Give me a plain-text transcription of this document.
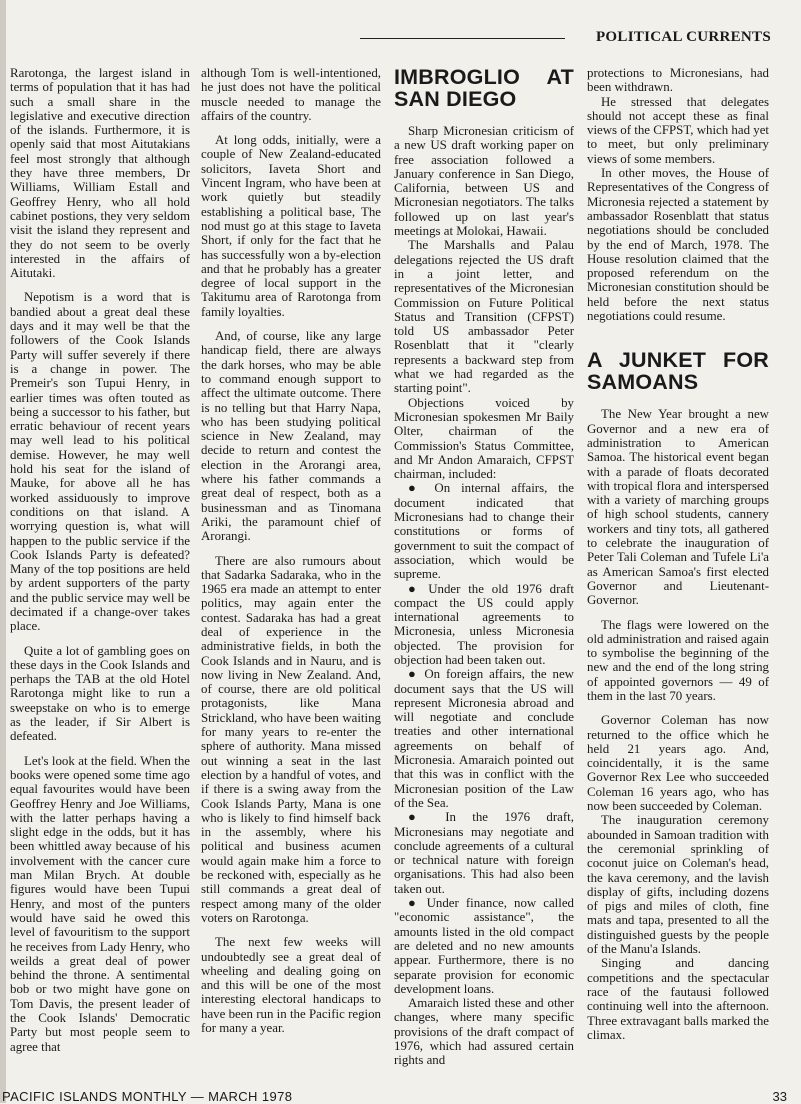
POLITICAL CURRENTS

Rarotonga, the largest island in terms of population that it has had such a small share in the legislative and executive direction of the islands. Furthermore, it is openly said that most Aitutakians feel most strongly that although they have three members, Dr Williams, William Estall and Geoffrey Henry, who all hold cabinet postions, they very seldom visit the island they represent and they do not seem to be overly interested in the affairs of Aitutaki.

Nepotism is a word that is bandied about a great deal these days and it may well be that the followers of the Cook Islands Party will suffer severely if there is a change in power. The Premeir's son Tupui Henry, in earlier times was often touted as being a successor to his father, but erratic behaviour of recent years may well lead to his political demise. However, he may well hold his seat for the island of Mauke, for above all he has worked assiduously to improve conditions on that island. A worrying question is, what will happen to the public service if the Cook Islands Party is defeated? Many of the top positions are held by ardent supporters of the party and the public service may well be decimated if a change-over takes place.

Quite a lot of gambling goes on these days in the Cook Islands and perhaps the TAB at the old Hotel Rarotonga might like to run a sweepstake on who is to emerge as the leader, if Sir Albert is defeated.

Let's look at the field. When the books were opened some time ago equal favourites would have been Geoffrey Henry and Joe Williams, with the latter perhaps having a slight edge in the odds, but it has been whittled away because of his involvement with the cancer cure man Milan Brych. At double figures would have been Tupui Henry, and most of the punters would have said he owed this level of favouritism to the support he receives from Lady Henry, who weilds a great deal of power behind the throne. A sentimental bob or two might have gone on Tom Davis, the present leader of the Cook Islands' Democratic Party but most people seem to agree that

although Tom is well-intentioned, he just does not have the political muscle needed to manage the affairs of the country.

At long odds, initially, were a couple of New Zealand-educated solicitors, Iaveta Short and Vincent Ingram, who have been at work quietly but steadily establishing a political base, The nod must go at this stage to Iaveta Short, if only for the fact that he has successfully won a by-election and that he probably has a greater degree of local support in the Takitumu area of Rarotonga from family loyalties.

And, of course, like any large handicap field, there are always the dark horses, who may be able to command enough support to affect the ultimate outcome. There is no telling but that Harry Napa, who has been studying political science in New Zealand, may decide to return and contest the election in the Arorangi area, where his father commands a great deal of respect, both as a businessman and as Tinomana Ariki, the paramount chief of Arorangi.

There are also rumours about that Sadarka Sadaraka, who in the 1965 era made an attempt to enter politics, may again enter the contest. Sadaraka has had a great deal of experience in the administrative fields, in both the Cook Islands and in Nauru, and is now living in New Zealand. And, of course, there are old political protagonists, like Mana Strickland, who have been waiting for many years to re-enter the sphere of authority. Mana missed out winning a seat in the last election by a handful of votes, and if there is a swing away from the Cook Islands Party, Mana is one who is likely to find himself back in the assembly, where his political and business acumen would again make him a force to be reckoned with, especially as he still commands a great deal of respect among many of the older voters on Rarotonga.

The next few weeks will undoubtedly see a great deal of wheeling and dealing going on and this will be one of the most interesting electoral handicaps to have been run in the Pacific region for many a year.

IMBROGLIO AT SAN DIEGO

Sharp Micronesian criticism of a new US draft working paper on free association followed a January conference in San Diego, California, between US and Micronesian negotiators. The talks followed up on last year's meetings at Molokai, Hawaii.

The Marshalls and Palau delegations rejected the US draft in a joint letter, and representatives of the Micronesian Commission on Future Political Status and Transition (CFPST) told US ambassador Peter Rosenblatt that it "clearly represents a backward step from what we had regarded as the starting point".

Objections voiced by Micronesian spokesmen Mr Baily Olter, chairman of the Commission's Status Committee, and Mr Andon Amaraich, CFPST chairman, included:

● On internal affairs, the document indicated that Micronesians had to change their constitutions or forms of government to suit the compact of association, which would be supreme.

● Under the old 1976 draft compact the US could apply international agreements to Micronesia, unless Micronesia objected. The provision for objection had been taken out.

● On foreign affairs, the new document says that the US will represent Micronesia abroad and will negotiate and conclude treaties and other international agreements on behalf of Micronesia. Amaraich pointed out that this was in conflict with the Micronesian position of the Law of the Sea.

● In the 1976 draft, Micronesians may negotiate and conclude agreements of a cultural or technical nature with foreign organisations. This had also been taken out.

● Under finance, now called "economic assistance", the amounts listed in the old compact are deleted and no new amounts appear. Furthermore, there is no separate provision for economic development loans.

Amaraich listed these and other changes, where many specific provisions of the draft compact of 1976, which had assured certain rights and

protections to Micronesians, had been withdrawn.

He stressed that delegates should not accept these as final views of the CFPST, which had yet to meet, but only preliminary views of some members.

In other moves, the House of Representatives of the Congress of Micronesia rejected a statement by ambassador Rosenblatt that status negotiations should be concluded by the end of March, 1978. The House resolution claimed that the proposed referendum on the Micronesian constitution should be held before the next status negotiations could resume.

A JUNKET FOR SAMOANS

The New Year brought a new Governor and a new era of administration to American Samoa. The historical event began with a parade of floats decorated with tropical flora and interspersed with a variety of marching groups of high school students, cannery workers and tiny tots, all gathered to celebrate the inauguration of Peter Tali Coleman and Tufele Li'a as American Samoa's first elected Governor and Lieutenant-Governor.

The flags were lowered on the old administration and raised again to symbolise the beginning of the new and the end of the long string of appointed governors — 49 of them in the last 70 years.

Governor Coleman has now returned to the office which he held 21 years ago. And, coincidentally, it is the same Governor Rex Lee who succeeded Coleman 16 years ago, who has now been succeeded by Coleman.

The inauguration ceremony abounded in Samoan tradition with the ceremonial sprinkling of coconut juice on Coleman's head, the kava ceremony, and the lavish display of gifts, including dozens of pigs and miles of cloth, fine mats and tapa, presented to all the distinguished guests by the people of the Manu'a Islands.

Singing and dancing competitions and the spectacular race of the fautausi followed continuing well into the afternoon. Three extravagant balls marked the climax.

PACIFIC ISLANDS MONTHLY — MARCH 1978	33
